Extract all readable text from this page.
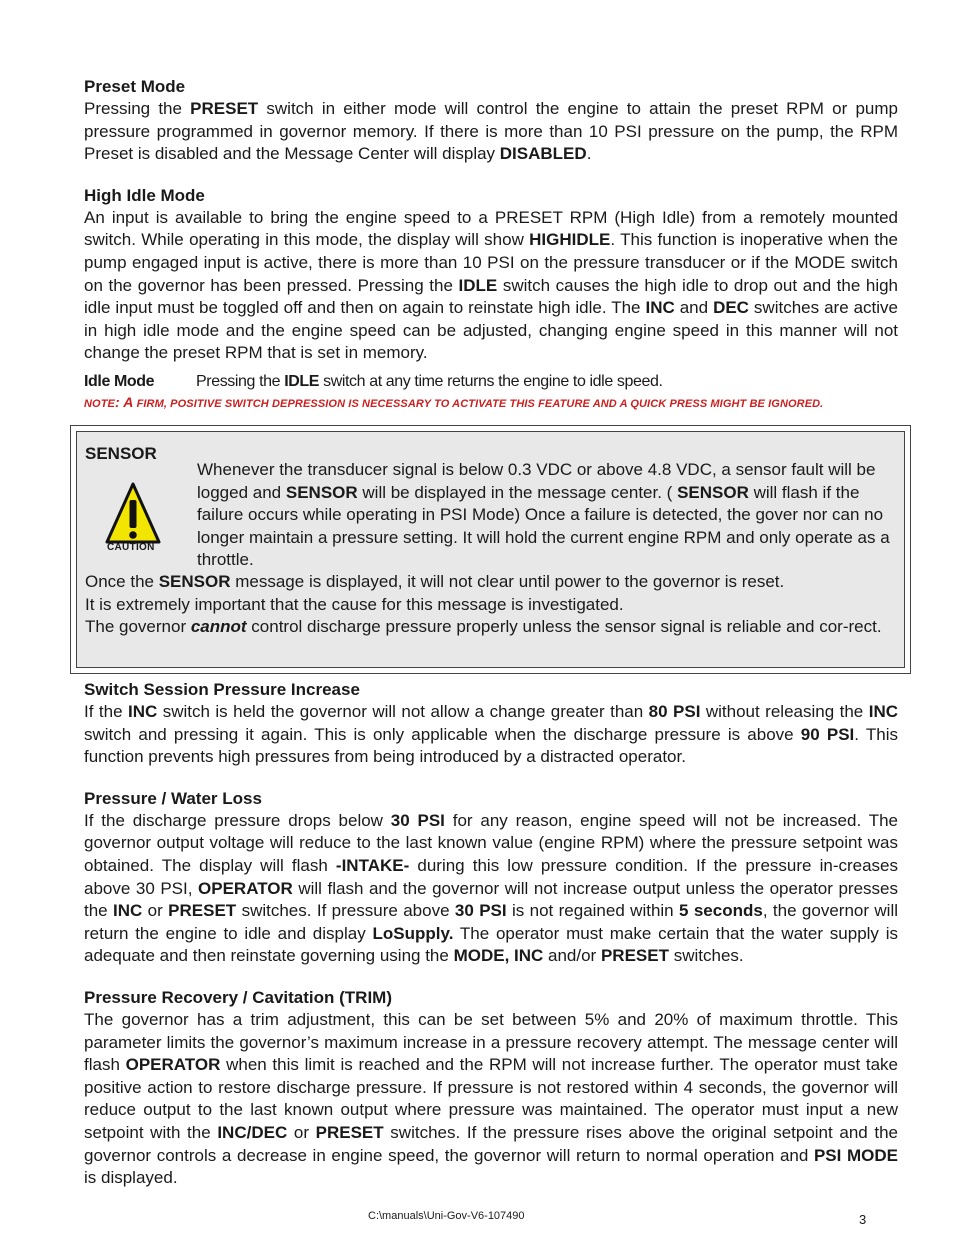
Preset Mode

Pressing the PRESET switch in either mode will control the engine to attain the preset RPM or pump pressure programmed in governor memory. If there is more than 10 PSI pressure on the pump, the RPM Preset is disabled and the Message Center will display DISABLED.

High Idle Mode

An input is available to bring the engine speed to a PRESET RPM (High Idle) from a remotely mounted switch. While operating in this mode, the display will show HIGHIDLE. This function is inoperative when the pump engaged input is active, there is more than 10 PSI on the pressure transducer or if the MODE switch on the governor has been pressed. Pressing the IDLE switch causes the high idle to drop out and the high idle input must be toggled off and then on again to reinstate high idle. The INC and DEC switches are active in high idle mode and the engine speed can be adjusted, changing engine speed in this manner will not change the preset RPM that is set in memory.

Idle Mode	Pressing the IDLE switch at any time returns the engine to idle speed.
NOTE: A FIRM, POSITIVE SWITCH DEPRESSION IS NECESSARY TO ACTIVATE THIS FEATURE AND A QUICK PRESS MIGHT BE IGNORED.
SENSOR
CAUTION
Whenever the transducer signal is below 0.3 VDC or above 4.8 VDC, a sensor fault will be logged and SENSOR will be displayed in the message center. ( SENSOR will flash if the failure occurs while operating in PSI Mode) Once a failure is detected, the gover nor can no longer maintain a pressure setting. It will hold the current engine RPM and only operate as a throttle.
Once the SENSOR message is displayed, it will not clear until power to the governor is reset.
It is extremely important that the cause for this message is investigated.
The governor cannot control discharge pressure properly unless the sensor signal is reliable and cor-rect.

Switch Session Pressure Increase

If the INC switch is held the governor will not allow a change greater than 80 PSI without releasing the INC switch and pressing it again. This is only applicable when the discharge pressure is above 90 PSI. This function prevents high pressures from being introduced by a distracted operator.

Pressure / Water Loss

If the discharge pressure drops below 30 PSI for any reason, engine speed will not be increased. The governor output voltage will reduce to the last known value (engine RPM) where the pressure setpoint was obtained. The display will flash -INTAKE- during this low pressure condition. If the pressure in-creases above 30 PSI, OPERATOR will flash and the governor will not increase output unless the operator presses the INC or PRESET switches. If pressure above 30 PSI is not regained within 5 seconds, the governor will return the engine to idle and display LoSupply. The operator must make certain that the water supply is adequate and then reinstate governing using the MODE, INC and/or PRESET switches.

Pressure Recovery / Cavitation (TRIM)

The governor has a trim adjustment, this can be set between 5% and 20% of maximum throttle. This parameter limits the governor’s maximum increase in a pressure recovery attempt. The message center will flash OPERATOR when this limit is reached and the RPM will not increase further. The operator must take positive action to restore discharge pressure. If pressure is not restored within 4 seconds, the governor will reduce output to the last known output where pressure was maintained. The operator must input a new setpoint with the INC/DEC or PRESET switches. If the pressure rises above the original setpoint and the governor controls a decrease in engine speed, the governor will return to normal operation and PSI MODE is displayed.

C:\manuals\Uni-Gov-V6-107490	3
